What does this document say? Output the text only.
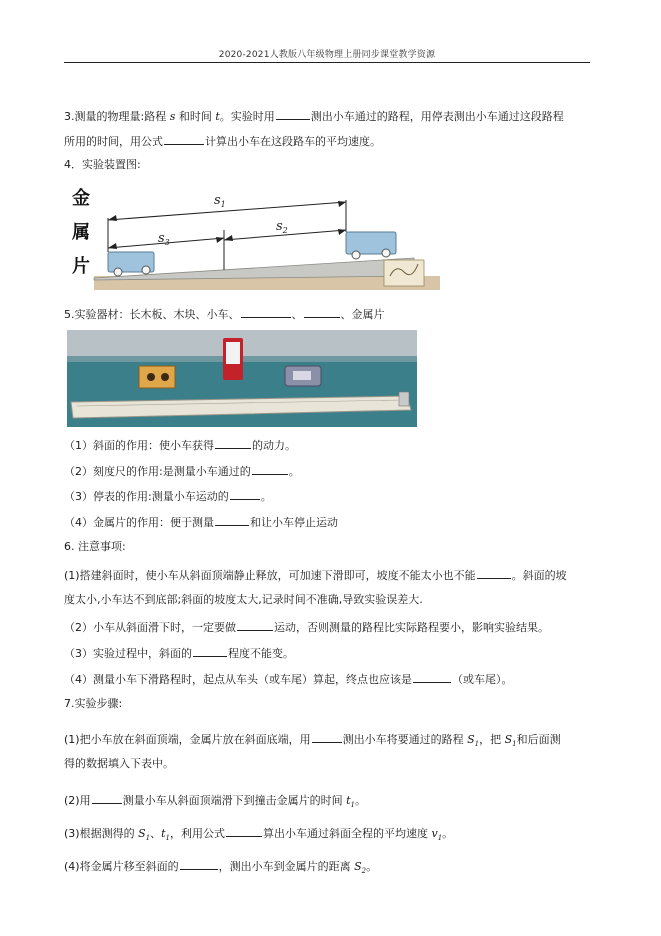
2020-2021人教版八年级物理上册同步课堂教学资源
3.测量的物理量:路程 s 和时间 t。实验时用	测出小车通过的路程，用停表测出小车通过这段路程
所用的时间，用公式	计算出小车在这段路车的平均速度。
4．实验装置图:
金
属
片
$s_1$
$s_2$
$s_3$
5.实验器材：长木板、木块、小车、	、	、金属片
（1）斜面的作用：使小车获得	的动力。
（2）刻度尺的作用:是测量小车通过的	。
（3）停表的作用:测量小车运动的	。
（4）金属片的作用：便于测量	和让小车停止运动
6. 注意事项:
(1)搭建斜面时，使小车从斜面顶端静止释放，可加速下滑即可，坡度不能太小也不能	。斜面的坡
度太小,小车达不到底部;斜面的坡度太大,记录时间不准确,导致实验误差大.
（2）小车从斜面滑下时，一定要做	运动，否则测量的路程比实际路程要小，影响实验结果。
（3）实验过程中，斜面的	程度不能变。
（4）测量小车下滑路程时，起点从车头（或车尾）算起，终点也应该是	（或车尾）。
7.实验步骤:
(1)把小车放在斜面顶端，金属片放在斜面底端，用	测出小车将要通过的路程 $S_1$，把 $S_1$和后面测
得的数据填入下表中。
(2)用	测量小车从斜面顶端滑下到撞击金属片的时间 $t_1$。
(3)根据测得的 $S_1$、$t_1$，利用公式	算出小车通过斜面全程的平均速度 $v_1$。
(4)将金属片移至斜面的	，测出小车到金属片的距离 $S_2$。
